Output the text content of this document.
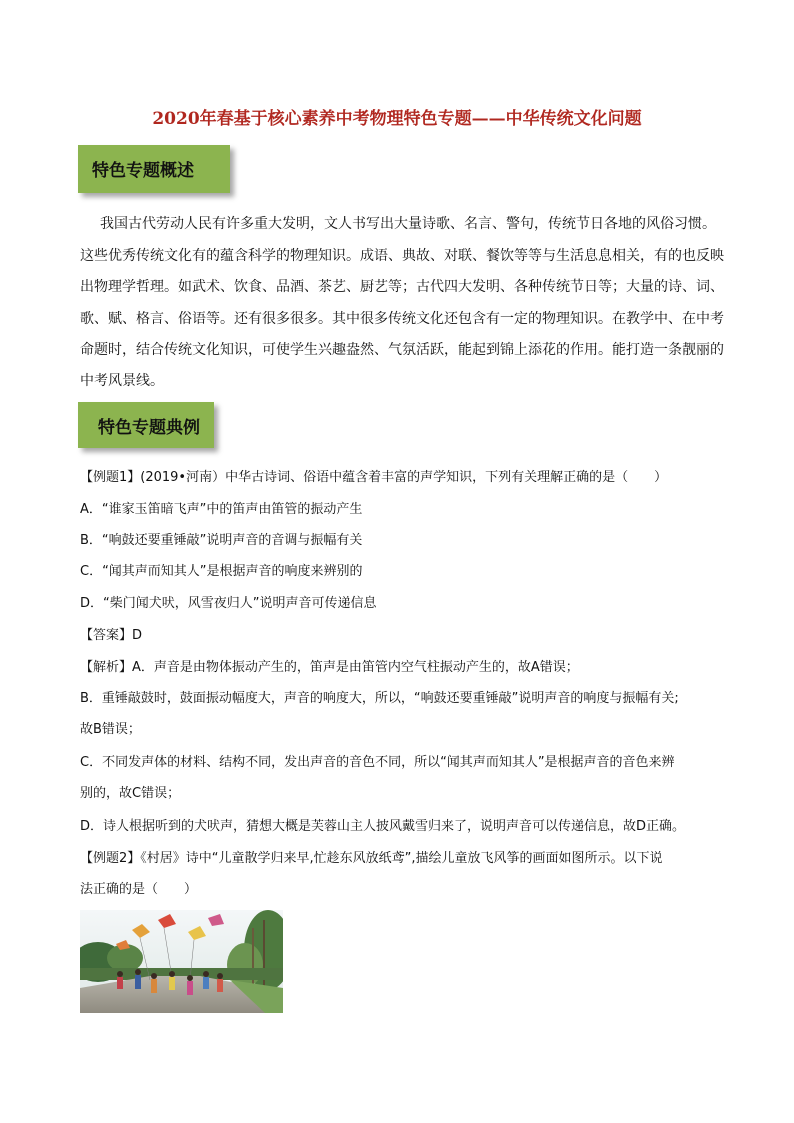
2020年春基于核心素养中考物理特色专题——中华传统文化问题
特色专题概述
我国古代劳动人民有许多重大发明，文人书写出大量诗歌、名言、警句，传统节日各地的风俗习惯。
这些优秀传统文化有的蕴含科学的物理知识。成语、典故、对联、餐饮等等与生活息息相关，有的也反映
出物理学哲理。如武术、饮食、品酒、茶艺、厨艺等；古代四大发明、各种传统节日等；大量的诗、词、
歌、赋、格言、俗语等。还有很多很多。其中很多传统文化还包含有一定的物理知识。在教学中、在中考
命题时，结合传统文化知识，可使学生兴趣盎然、气氛活跃，能起到锦上添花的作用。能打造一条靓丽的
中考风景线。
特色专题典例
【例题1】(2019•河南）中华古诗词、俗语中蕴含着丰富的声学知识，下列有关理解正确的是（　　）
A．“谁家玉笛暗飞声”中的笛声由笛管的振动产生
B．“响鼓还要重锤敲”说明声音的音调与振幅有关
C．“闻其声而知其人”是根据声音的响度来辨别的
D．“柴门闻犬吠，风雪夜归人”说明声音可传递信息
【答案】D
【解析】A．声音是由物体振动产生的，笛声是由笛管内空气柱振动产生的，故A错误；
B．重锤敲鼓时，鼓面振动幅度大，声音的响度大，所以，“响鼓还要重锤敲”说明声音的响度与振幅有关;
故B错误；
C．不同发声体的材料、结构不同，发出声音的音色不同，所以“闻其声而知其人”是根据声音的音色来辨
别的，故C错误；
D．诗人根据听到的犬吠声，猜想大概是芙蓉山主人披风戴雪归来了，说明声音可以传递信息，故D正确。
【例题2】《村居》诗中“儿童散学归来早,忙趁东风放纸鸢”,描绘儿童放飞风筝的画面如图所示。以下说
法正确的是（　　）
